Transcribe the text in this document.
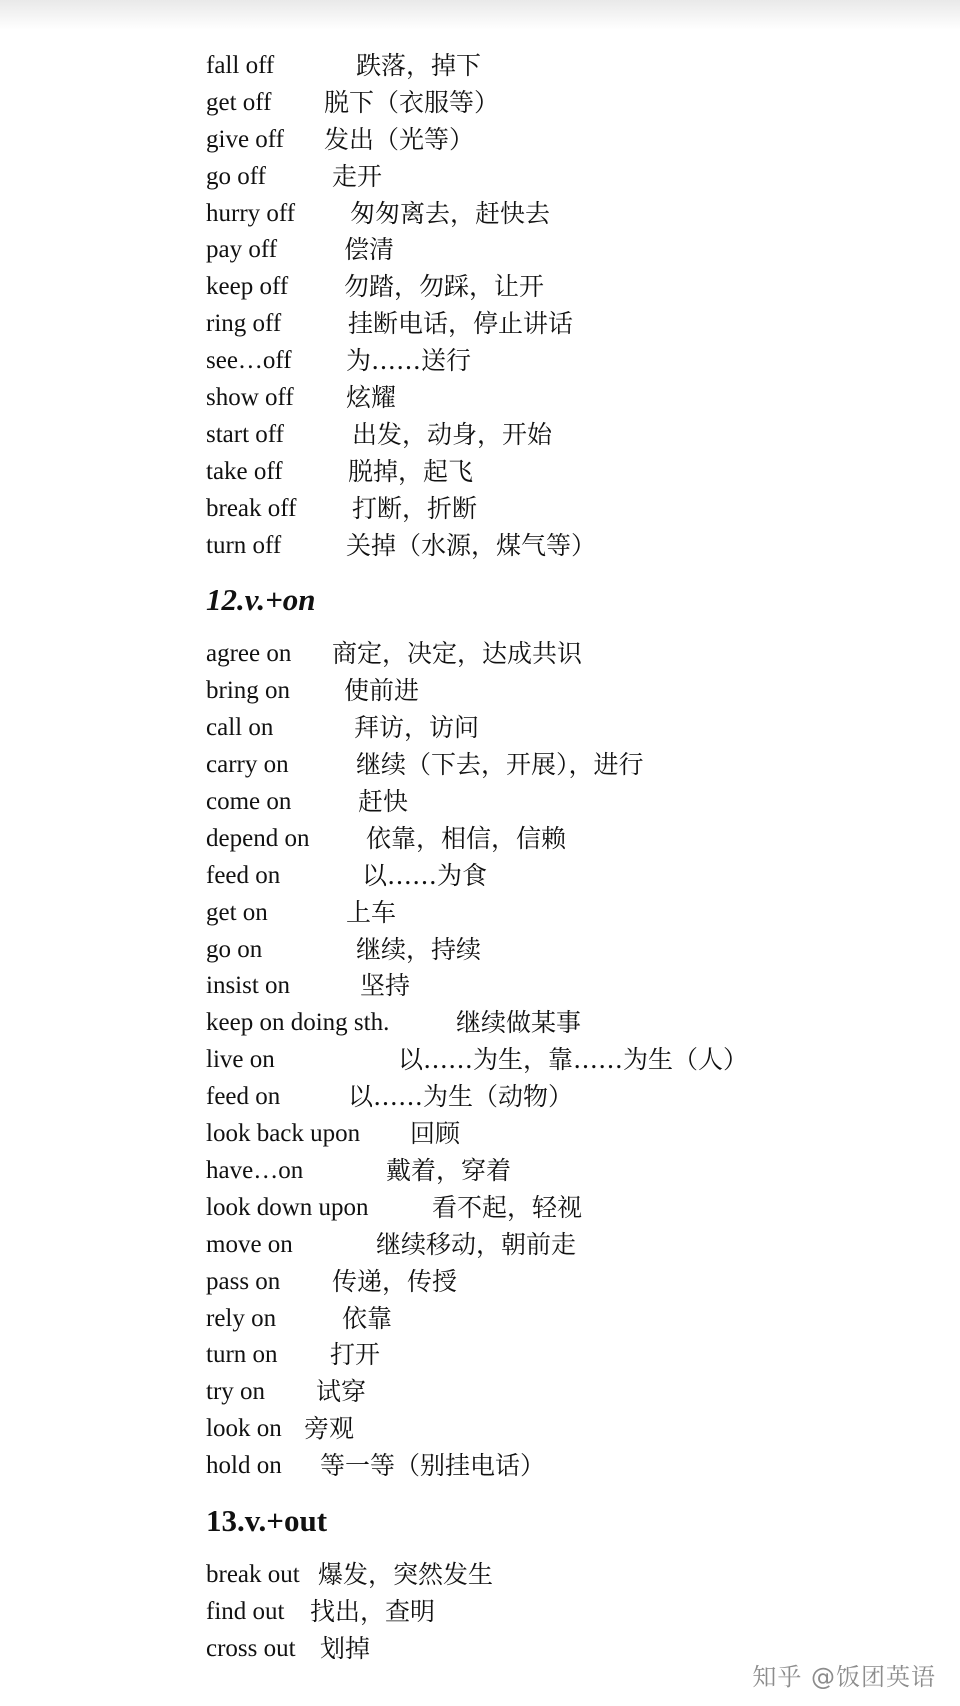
fall off	跌落，掉下
get off 脱下（衣服等）
give off 发出（光等）
go off	走开
hurry off 匆匆离去，赶快去
pay off	偿清
keep off 勿踏，勿踩，让开
ring off	挂断电话，停止讲话
see…off 为……送行
show off 炫耀
start off	出发，动身，开始
take off	脱掉，起飞
break off 打断，折断
turn off	关掉（水源，煤气等）
12.v.+on
agree on 商定，决定，达成共识
bring on 使前进
call on	拜访，访问
carry on	继续（下去，开展），进行
come on	赶快
depend on 依靠，相信，信赖
feed on	以……为食
get on	上车
go on	继续，持续
insist on	坚持
keep on doing sth.	继续做某事
live on	以……为生，靠……为生（人）
feed on	以……为生（动物）
look back upon 回顾
have…on	戴着，穿着
look down upon	看不起，轻视
move on	继续移动，朝前走
pass on 传递，传授
rely on	依靠
turn on 打开
try on 试穿
look on 旁观
hold on 等一等（别挂电话）
13.v.+out
break out 爆发，突然发生
find out 找出，查明
cross out 划掉
知乎 @饭团英语
